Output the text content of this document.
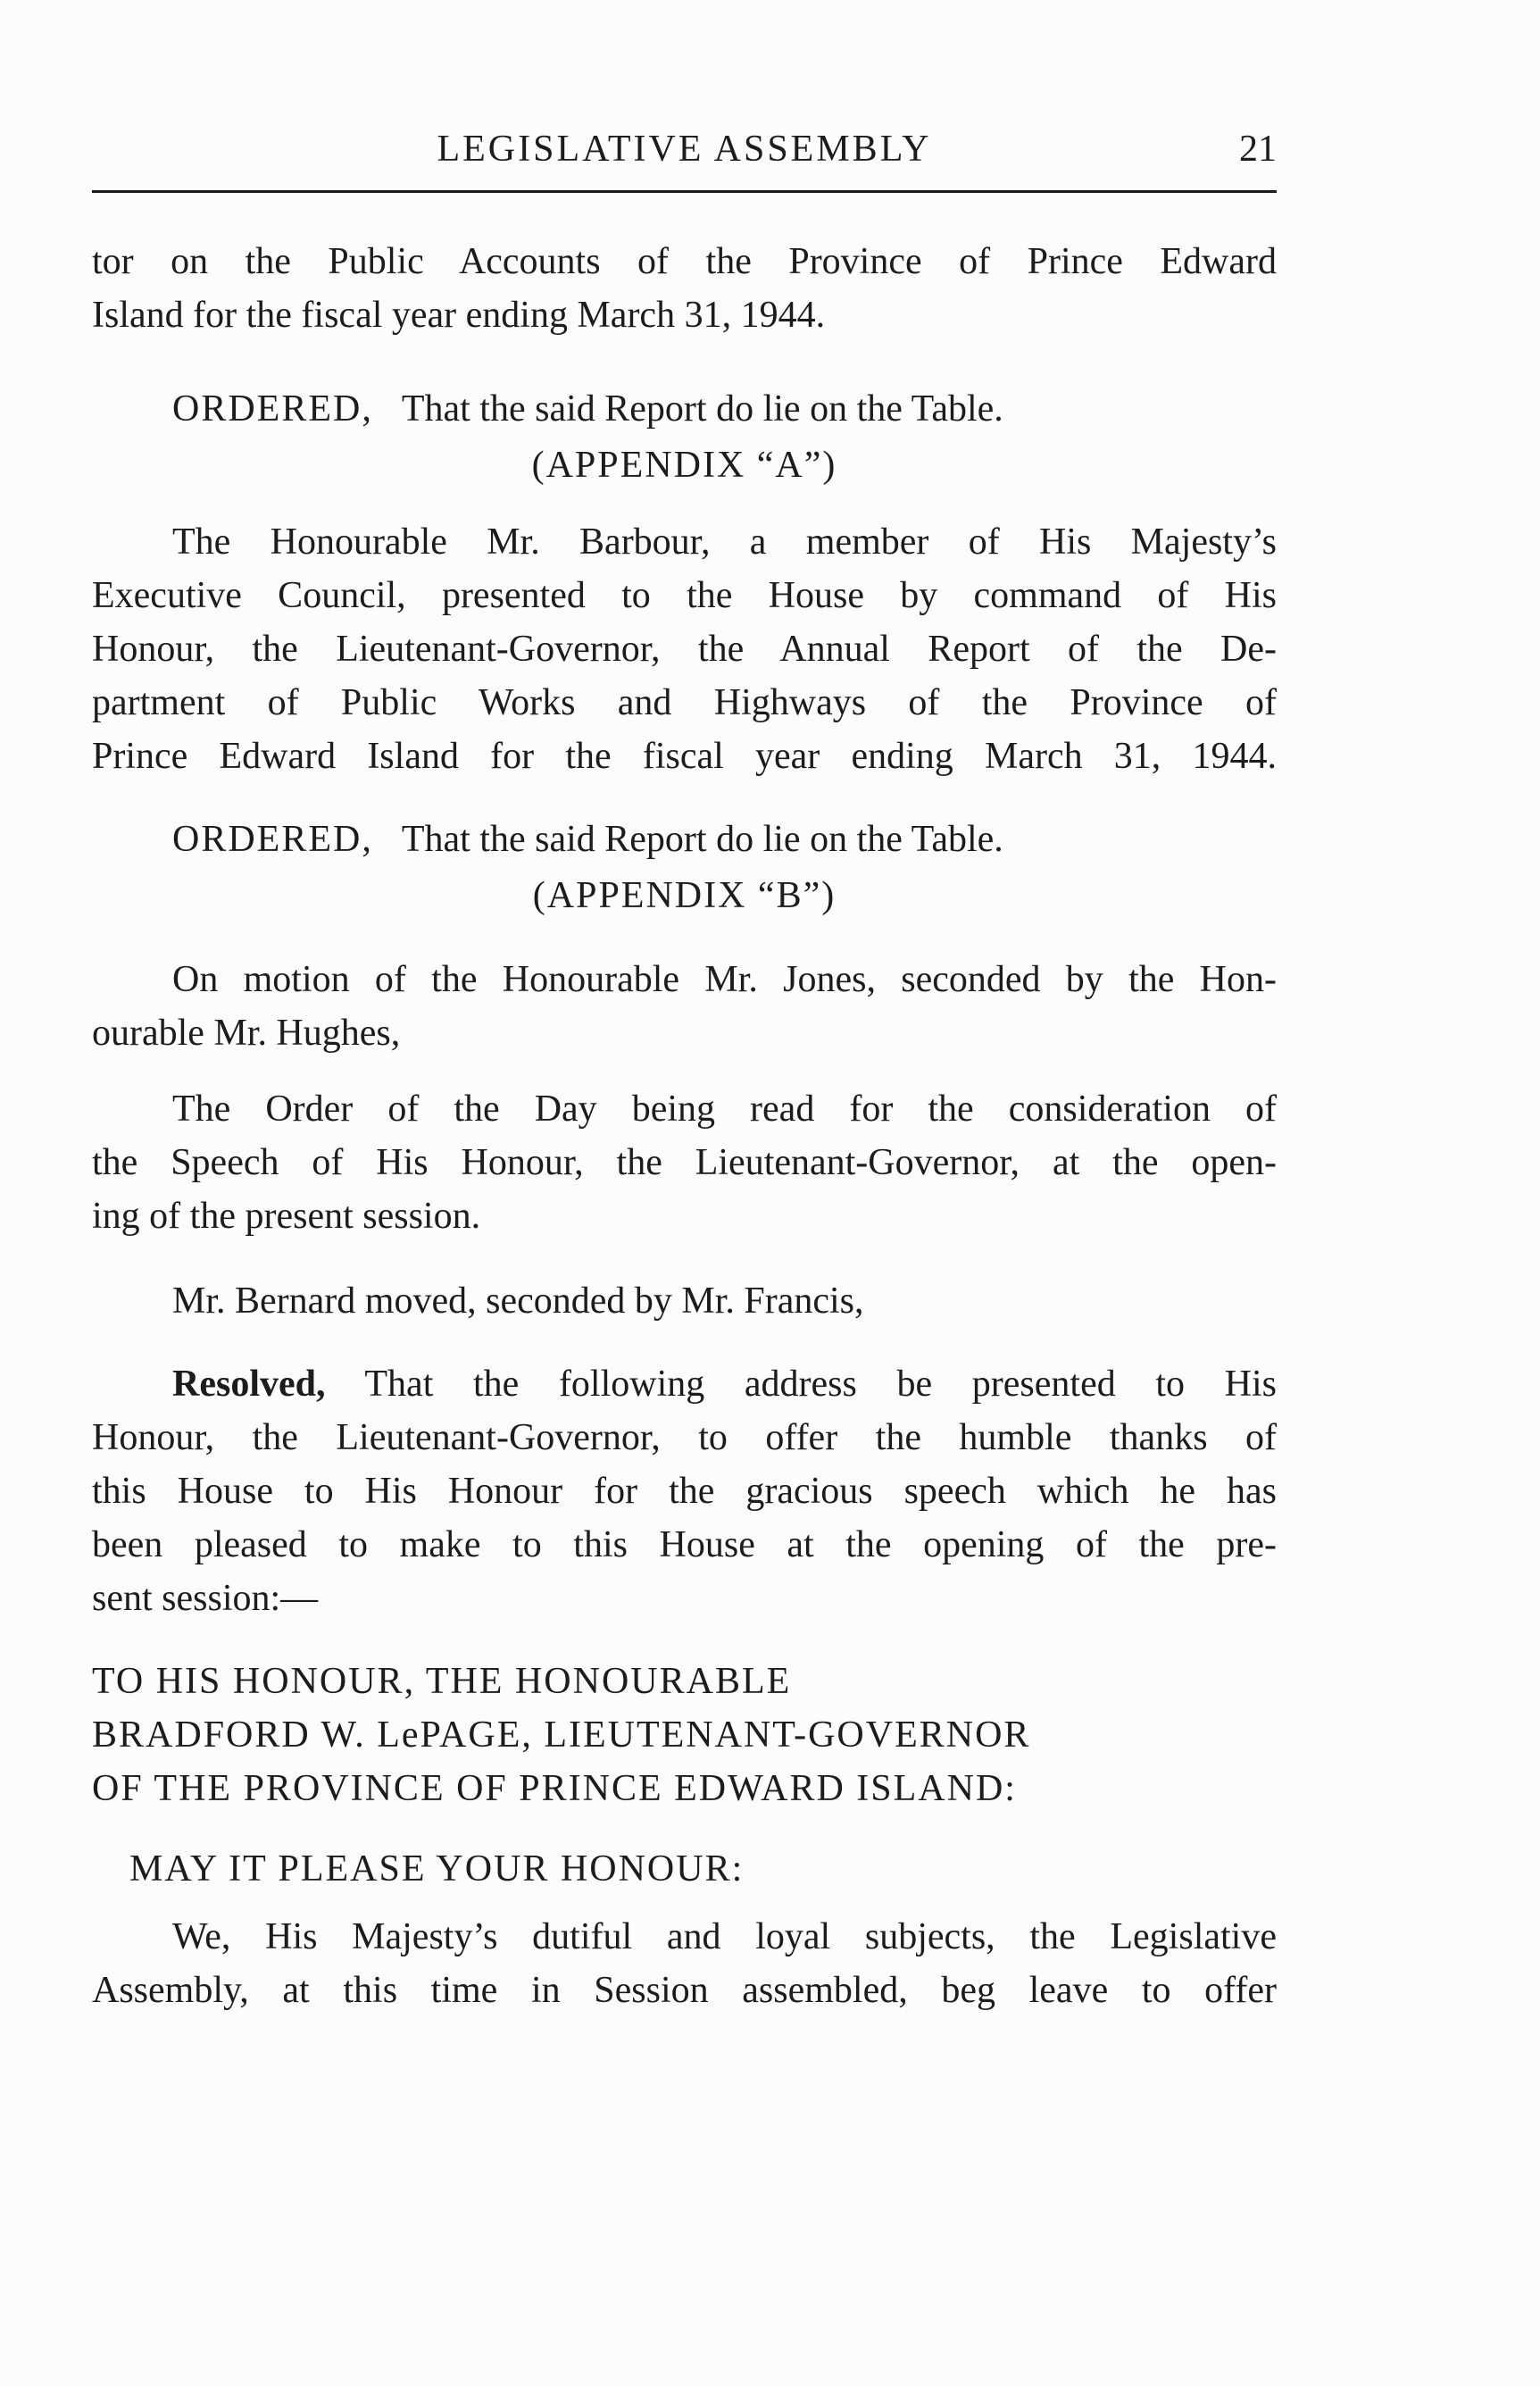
LEGISLATIVE ASSEMBLY	21

tor on the Public Accounts of the Province of Prince Edward

Island for the fiscal year ending March 31, 1944.

ORDERED, That the said Report do lie on the Table.

(APPENDIX “A”)

The Honourable Mr. Barbour, a member of His Majesty’s

Executive Council, presented to the House by command of His

Honour, the Lieutenant-Governor, the Annual Report of the De-

partment of Public Works and Highways of the Province of

Prince Edward Island for the fiscal year ending March 31, 1944.

ORDERED, That the said Report do lie on the Table.

(APPENDIX “B”)

On motion of the Honourable Mr. Jones, seconded by the Hon-

ourable Mr. Hughes,

The Order of the Day being read for the consideration of

the Speech of His Honour, the Lieutenant-Governor, at the open-

ing of the present session.

Mr. Bernard moved, seconded by Mr. Francis,

Resolved, That the following address be presented to His

Honour, the Lieutenant-Governor, to offer the humble thanks of

this House to His Honour for the gracious speech which he has

been pleased to make to this House at the opening of the pre-

sent session:—

TO HIS HONOUR, THE HONOURABLE

BRADFORD W. LePAGE, LIEUTENANT-GOVERNOR

OF THE PROVINCE OF PRINCE EDWARD ISLAND:

MAY IT PLEASE YOUR HONOUR:

We, His Majesty’s dutiful and loyal subjects, the Legislative

Assembly, at this time in Session assembled, beg leave to offer
